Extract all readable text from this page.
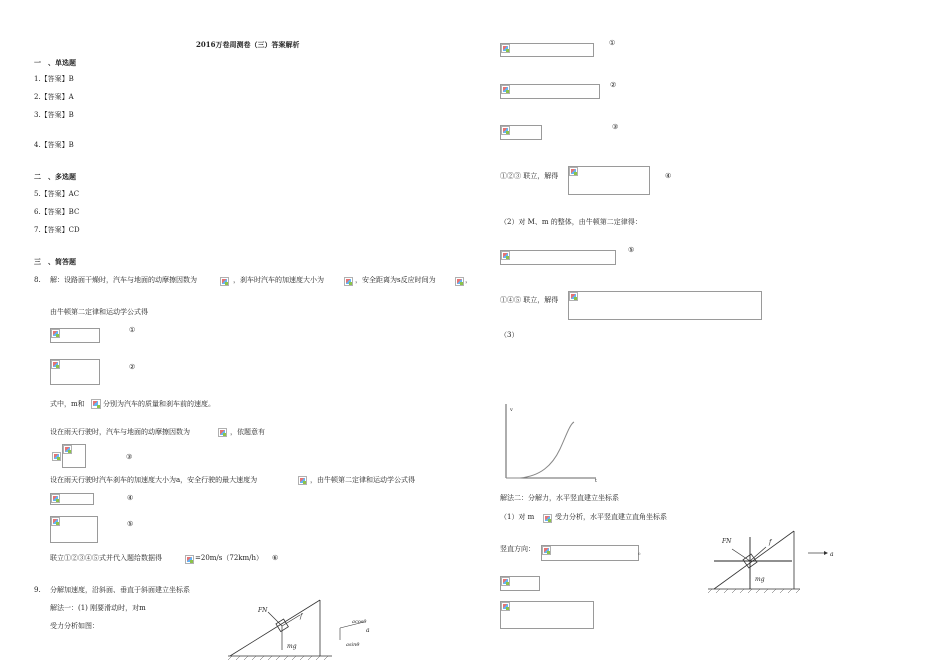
2016万卷周测卷（三）答案解析
一　、单选题
1.【答案】B
2.【答案】A
3.【答案】B
4.【答案】B
二　、多选题
5.【答案】AC
6.【答案】BC
7.【答案】CD
三　、简答题
8. 解：设路面干燥时，汽车与地面的动摩擦因数为	，刹车时汽车的加速度大小为	，安全距离为s反应时间为	，
由牛顿第二定律和运动学公式得
①
②
式中，m和	分别为汽车的质量和刹车前的速度。
设在雨天行驶时，汽车与地面的动摩擦因数为	，依题意有
③
设在雨天行驶时汽车刹车的加速度大小为a，安全行驶的最大速度为	，由牛顿第二定律和运动学公式得
④
⑤
联立①②③④⑤式并代入题给数据得	=20m/s（72km/h） ⑥
9. 分解加速度，沿斜面、垂直于斜面建立坐标系
解法一：(1) 刚要滑动时，对m
受力分析如图：
FN
f
mg
acosθ
a
asinθ
①
②
③
①②③ 联立，解得	④
（2）对 M、m 的整体，由牛顿第二定律得：
⑤
①④⑤ 联立，解得
（3）
v
t
解法二：分解力，水平竖直建立坐标系
（1）对 m	受力分析，水平竖直建立直角坐标系
竖直方向：	。
FN	f
mg
a
